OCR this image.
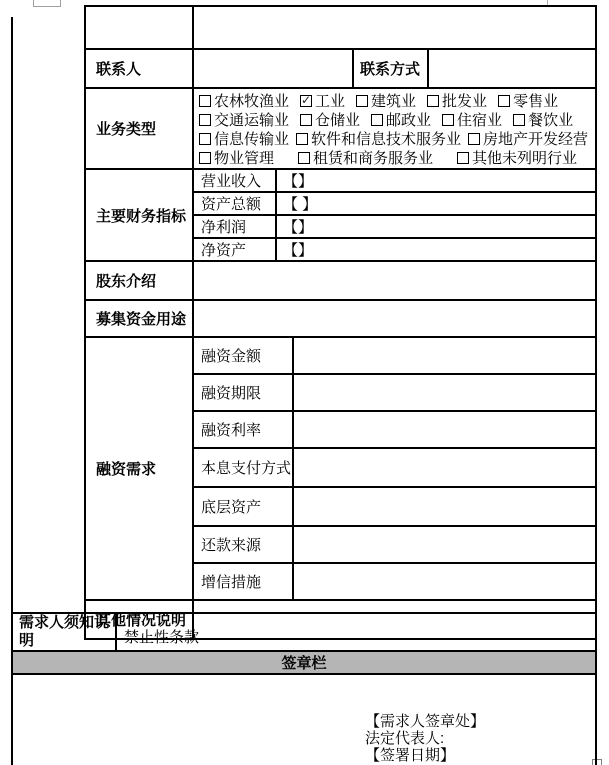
联系人				联系方式	
业务类型	
农林牧渔业 ✓ 工业 建筑业 批发业 零售业
交通运输业 仓储业 邮政业 住宿业 餐饮业
信息传输业 软件和信息技术服务业 房地产开发经营
物业管理	租赁和商务服务业	其他未列明行业

主要财务指标	营业收入	【】			
	资产总额	【 】			
	净利润	【】			
	净资产	【】			
股东介绍					
募集资金用途					
融资需求	融资金额				
	融资期限				
	融资利率				
	本息支付方式				
	底层资产				
	还款来源				
	增信措施				
其他情况说明					
需求人须知说明	禁止性条款
签章栏

【需求人签章处】
法定代表人:
【签署日期】
